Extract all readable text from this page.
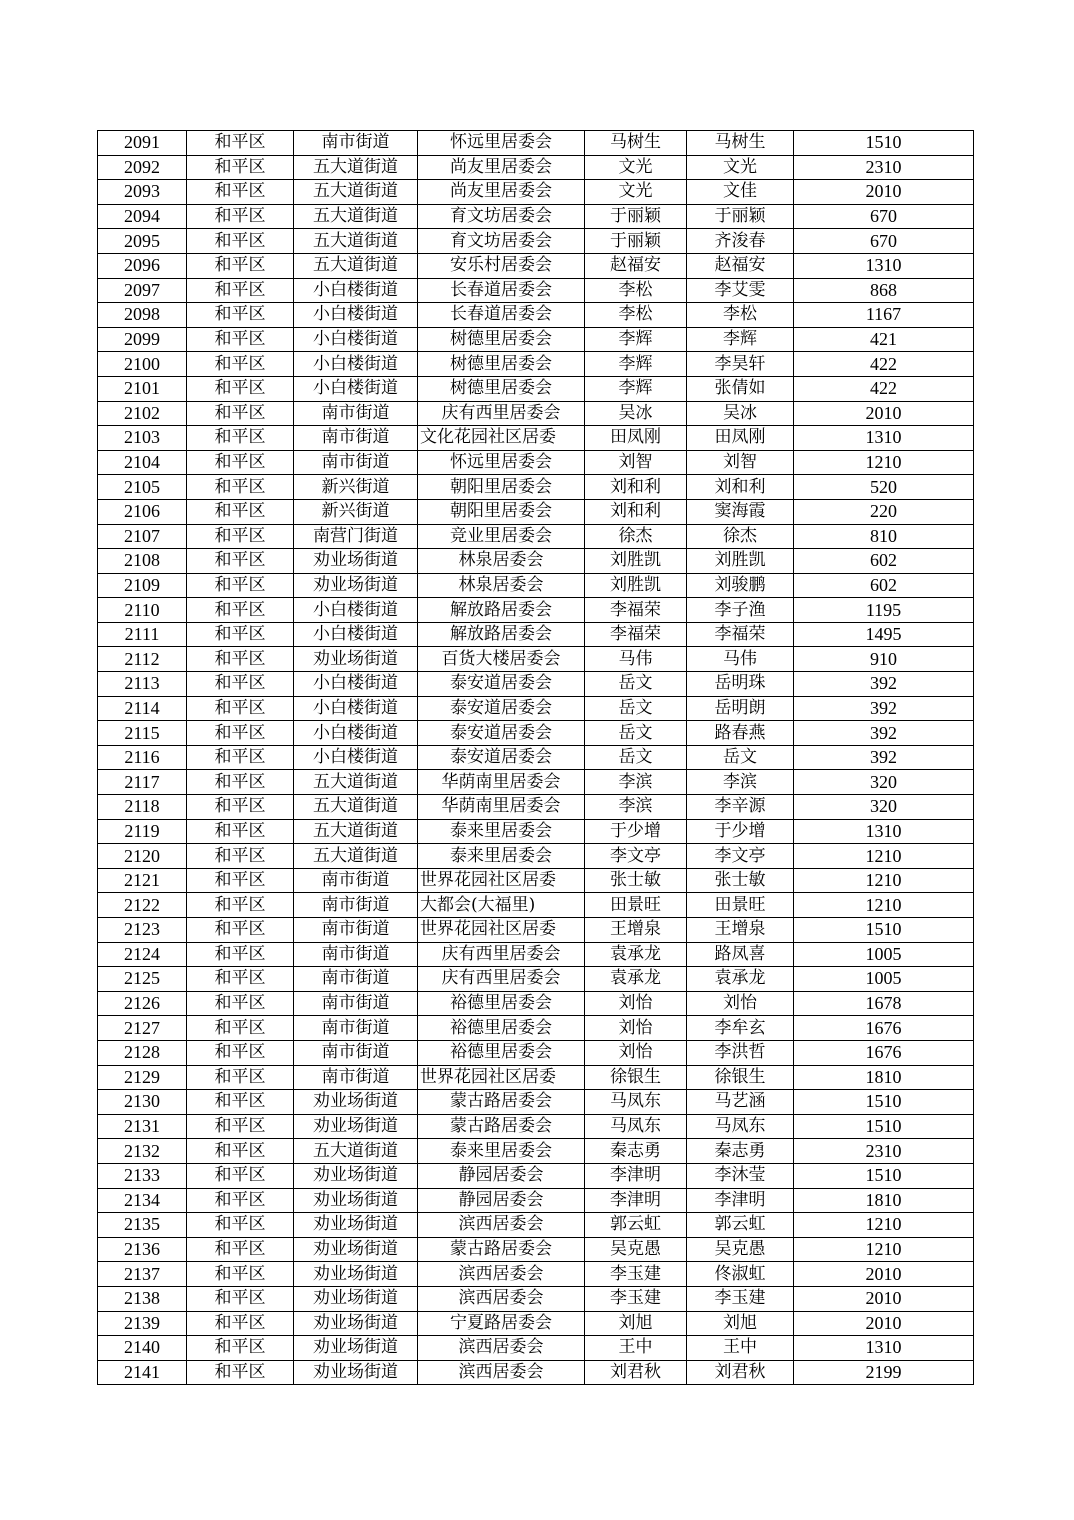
2091	和平区	南市街道	怀远里居委会	马树生	马树生	1510
2092	和平区	五大道街道	尚友里居委会	文光	文光	2310
2093	和平区	五大道街道	尚友里居委会	文光	文佳	2010
2094	和平区	五大道街道	育文坊居委会	于丽颖	于丽颖	670
2095	和平区	五大道街道	育文坊居委会	于丽颖	齐浚春	670
2096	和平区	五大道街道	安乐村居委会	赵福安	赵福安	1310
2097	和平区	小白楼街道	长春道居委会	李松	李艾雯	868
2098	和平区	小白楼街道	长春道居委会	李松	李松	1167
2099	和平区	小白楼街道	树德里居委会	李辉	李辉	421
2100	和平区	小白楼街道	树德里居委会	李辉	李昊轩	422
2101	和平区	小白楼街道	树德里居委会	李辉	张倩如	422
2102	和平区	南市街道	庆有西里居委会	吴冰	吴冰	2010
2103	和平区	南市街道	文化花园社区居委	田凤刚	田凤刚	1310
2104	和平区	南市街道	怀远里居委会	刘智	刘智	1210
2105	和平区	新兴街道	朝阳里居委会	刘和利	刘和利	520
2106	和平区	新兴街道	朝阳里居委会	刘和利	窦海霞	220
2107	和平区	南营门街道	竞业里居委会	徐杰	徐杰	810
2108	和平区	劝业场街道	林泉居委会	刘胜凯	刘胜凯	602
2109	和平区	劝业场街道	林泉居委会	刘胜凯	刘骏鹏	602
2110	和平区	小白楼街道	解放路居委会	李福荣	李子渔	1195
2111	和平区	小白楼街道	解放路居委会	李福荣	李福荣	1495
2112	和平区	劝业场街道	百货大楼居委会	马伟	马伟	910
2113	和平区	小白楼街道	泰安道居委会	岳文	岳明珠	392
2114	和平区	小白楼街道	泰安道居委会	岳文	岳明朗	392
2115	和平区	小白楼街道	泰安道居委会	岳文	路春燕	392
2116	和平区	小白楼街道	泰安道居委会	岳文	岳文	392
2117	和平区	五大道街道	华荫南里居委会	李滨	李滨	320
2118	和平区	五大道街道	华荫南里居委会	李滨	李辛源	320
2119	和平区	五大道街道	泰来里居委会	于少增	于少增	1310
2120	和平区	五大道街道	泰来里居委会	李文亭	李文亭	1210
2121	和平区	南市街道	世界花园社区居委	张士敏	张士敏	1210
2122	和平区	南市街道	大都会(大福里)	田景旺	田景旺	1210
2123	和平区	南市街道	世界花园社区居委	王增泉	王增泉	1510
2124	和平区	南市街道	庆有西里居委会	袁承龙	路凤喜	1005
2125	和平区	南市街道	庆有西里居委会	袁承龙	袁承龙	1005
2126	和平区	南市街道	裕德里居委会	刘怡	刘怡	1678
2127	和平区	南市街道	裕德里居委会	刘怡	李牟玄	1676
2128	和平区	南市街道	裕德里居委会	刘怡	李洪哲	1676
2129	和平区	南市街道	世界花园社区居委	徐银生	徐银生	1810
2130	和平区	劝业场街道	蒙古路居委会	马凤东	马艺涵	1510
2131	和平区	劝业场街道	蒙古路居委会	马凤东	马凤东	1510
2132	和平区	五大道街道	泰来里居委会	秦志勇	秦志勇	2310
2133	和平区	劝业场街道	静园居委会	李津明	李沐莹	1510
2134	和平区	劝业场街道	静园居委会	李津明	李津明	1810
2135	和平区	劝业场街道	滨西居委会	郭云虹	郭云虹	1210
2136	和平区	劝业场街道	蒙古路居委会	吴克愚	吴克愚	1210
2137	和平区	劝业场街道	滨西居委会	李玉建	佟淑虹	2010
2138	和平区	劝业场街道	滨西居委会	李玉建	李玉建	2010
2139	和平区	劝业场街道	宁夏路居委会	刘旭	刘旭	2010
2140	和平区	劝业场街道	滨西居委会	王中	王中	1310
2141	和平区	劝业场街道	滨西居委会	刘君秋	刘君秋	2199
